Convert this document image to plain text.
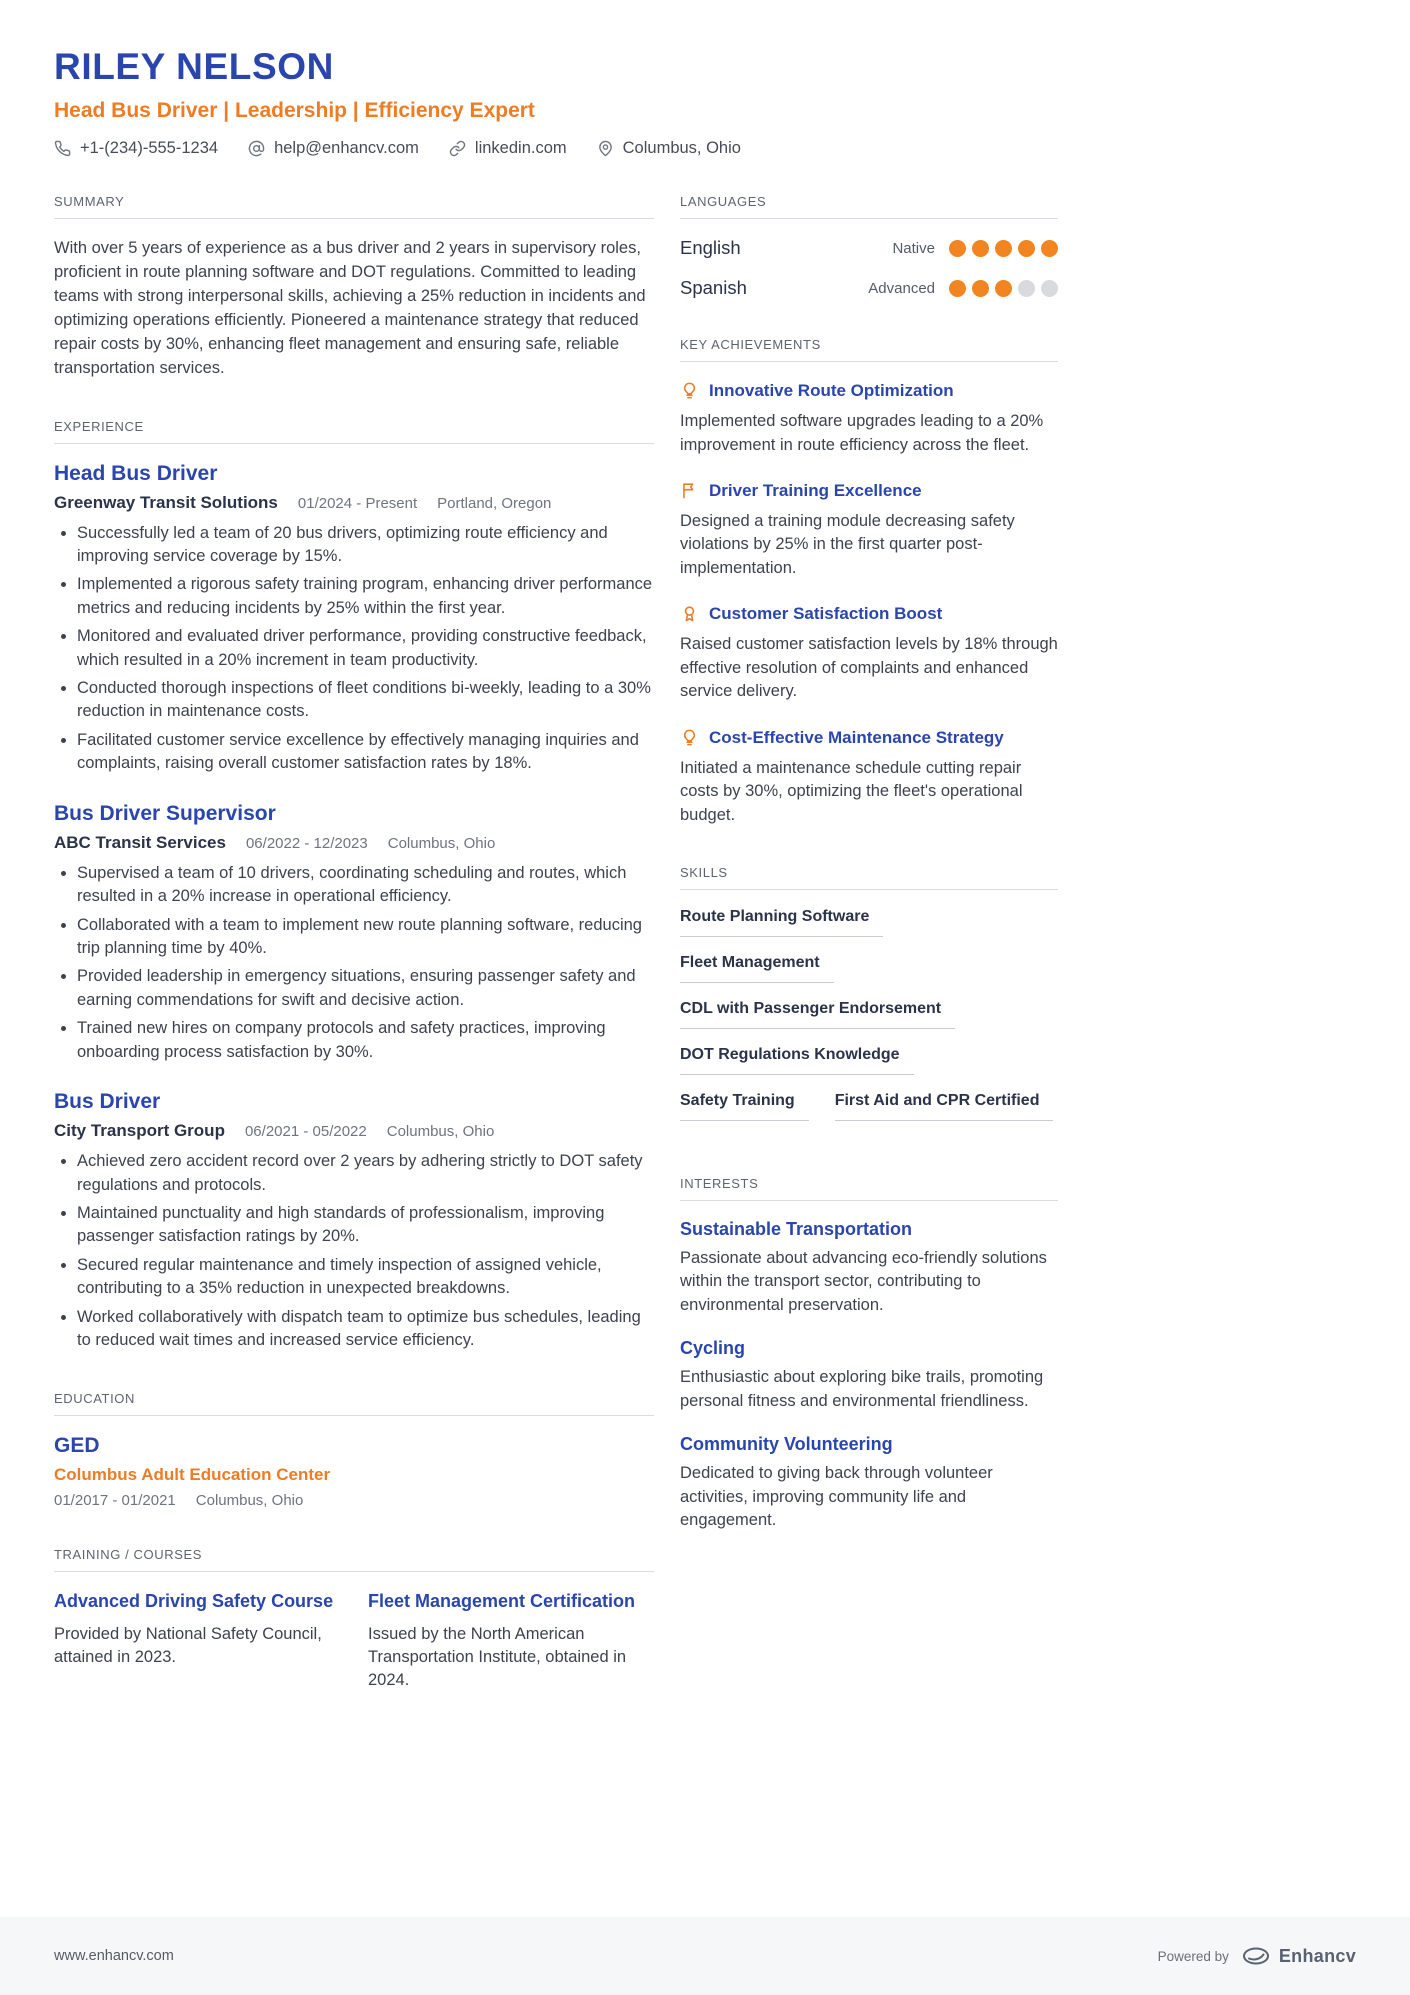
RILEY NELSON
Head Bus Driver | Leadership | Efficiency Expert
+1-(234)-555-1234	help@enhancv.com	linkedin.com	Columbus, Ohio
SUMMARY

With over 5 years of experience as a bus driver and 2 years in supervisory roles, proficient in route planning software and DOT regulations. Committed to leading teams with strong interpersonal skills, achieving a 25% reduction in incidents and optimizing operations efficiently. Pioneered a maintenance strategy that reduced repair costs by 30%, enhancing fleet management and ensuring safe, reliable transportation services.

EXPERIENCE
Head Bus Driver
Greenway Transit Solutions 01/2024 - Present Portland, Oregon
• Successfully led a team of 20 bus drivers, optimizing route efficiency and improving service coverage by 15%.
• Implemented a rigorous safety training program, enhancing driver performance metrics and reducing incidents by 25% within the first year.
• Monitored and evaluated driver performance, providing constructive feedback, which resulted in a 20% increment in team productivity.
• Conducted thorough inspections of fleet conditions bi-weekly, leading to a 30% reduction in maintenance costs.
• Facilitated customer service excellence by effectively managing inquiries and complaints, raising overall customer satisfaction rates by 18%.
Bus Driver Supervisor
ABC Transit Services 06/2022 - 12/2023 Columbus, Ohio
• Supervised a team of 10 drivers, coordinating scheduling and routes, which resulted in a 20% increase in operational efficiency.
• Collaborated with a team to implement new route planning software, reducing trip planning time by 40%.
• Provided leadership in emergency situations, ensuring passenger safety and earning commendations for swift and decisive action.
• Trained new hires on company protocols and safety practices, improving onboarding process satisfaction by 30%.
Bus Driver
City Transport Group 06/2021 - 05/2022 Columbus, Ohio
• Achieved zero accident record over 2 years by adhering strictly to DOT safety regulations and protocols.
• Maintained punctuality and high standards of professionalism, improving passenger satisfaction ratings by 20%.
• Secured regular maintenance and timely inspection of assigned vehicle, contributing to a 35% reduction in unexpected breakdowns.
• Worked collaboratively with dispatch team to optimize bus schedules, leading to reduced wait times and increased service efficiency.
EDUCATION
GED
Columbus Adult Education Center
01/2017 - 01/2021 Columbus, Ohio
TRAINING / COURSES
Advanced Driving Safety Course
Provided by National Safety Council, attained in 2023.
Fleet Management Certification
Issued by the North American Transportation Institute, obtained in 2024.
LANGUAGES
English	Native
Spanish	Advanced
KEY ACHIEVEMENTS
Innovative Route Optimization
Implemented software upgrades leading to a 20% improvement in route efficiency across the fleet.
Driver Training Excellence
Designed a training module decreasing safety violations by 25% in the first quarter post-implementation.
Customer Satisfaction Boost
Raised customer satisfaction levels by 18% through effective resolution of complaints and enhanced service delivery.
Cost-Effective Maintenance Strategy
Initiated a maintenance schedule cutting repair costs by 30%, optimizing the fleet's operational budget.
SKILLS
Route Planning Software
Fleet Management
CDL with Passenger Endorsement
DOT Regulations Knowledge
Safety Training	First Aid and CPR Certified
INTERESTS
Sustainable Transportation
Passionate about advancing eco-friendly solutions within the transport sector, contributing to environmental preservation.
Cycling
Enthusiastic about exploring bike trails, promoting personal fitness and environmental friendliness.
Community Volunteering
Dedicated to giving back through volunteer activities, improving community life and engagement.
www.enhancv.com	Powered by	Enhancv
